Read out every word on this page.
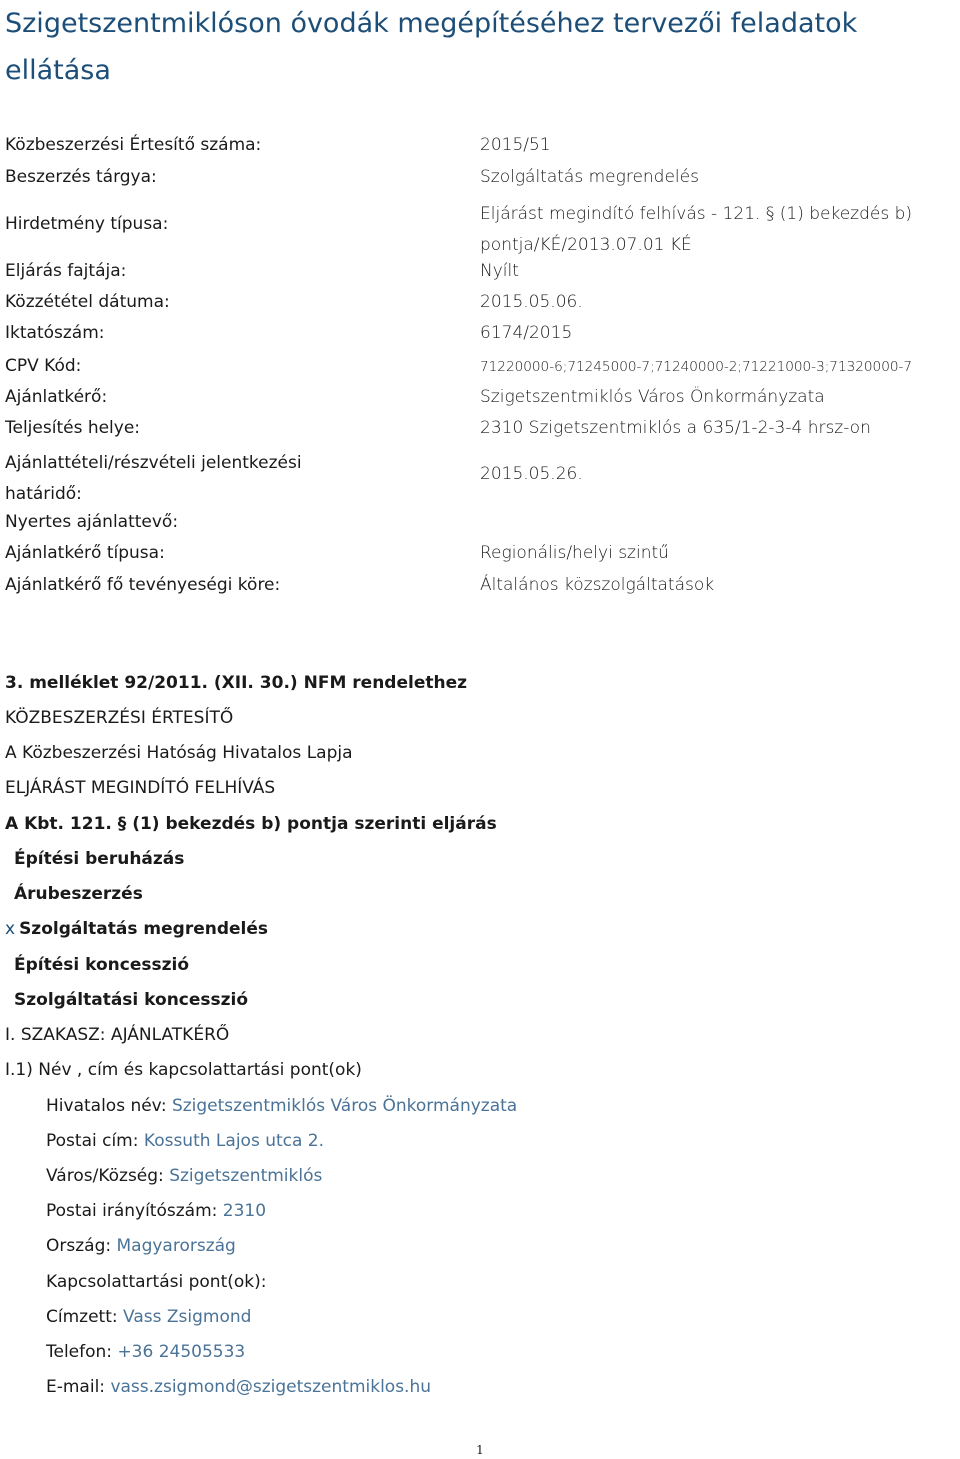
Szigetszentmiklóson óvodák megépítéséhez tervezői feladatok ellátása
Közbeszerzési Értesítő száma:	2015/51
Beszerzés tárgya:	Szolgáltatás megrendelés
Hirdetmény típusa:	Eljárást megindító felhívás - 121. § (1) bekezdés b) pontja/KÉ/2013.07.01 KÉ
Eljárás fajtája:	Nyílt
Közzététel dátuma:	2015.05.06.
Iktatószám:	6174/2015
CPV Kód:	71220000-6;71245000-7;71240000-2;71221000-3;71320000-7
Ajánlatkérő:	Szigetszentmiklós Város Önkormányzata
Teljesítés helye:	2310 Szigetszentmiklós a 635/1-2-3-4 hrsz-on
Ajánlattételi/részvételi jelentkezési határidő:
2015.05.26.
Nyertes ajánlattevő:
Ajánlatkérő típusa:	Regionális/helyi szintű
Ajánlatkérő fő tevényeségi köre:	Általános közszolgáltatások
3. melléklet 92/2011. (XII. 30.) NFM rendelethez
KÖZBESZERZÉSI ÉRTESÍTŐ
A Közbeszerzési Hatóság Hivatalos Lapja
ELJÁRÁST MEGINDÍTÓ FELHÍVÁS
A Kbt. 121. § (1) bekezdés b) pontja szerinti eljárás
Építési beruházás
Árubeszerzés
x Szolgáltatás megrendelés
Építési koncesszió
Szolgáltatási koncesszió
I. SZAKASZ: AJÁNLATKÉRŐ
I.1) Név , cím és kapcsolattartási pont(ok)
Hivatalos név: Szigetszentmiklós Város Önkormányzata
Postai cím: Kossuth Lajos utca 2.
Város/Község: Szigetszentmiklós
Postai irányítószám: 2310
Ország: Magyarország
Kapcsolattartási pont(ok):
Címzett: Vass Zsigmond
Telefon: +36 24505533
E-mail: vass.zsigmond@szigetszentmiklos.hu
1
